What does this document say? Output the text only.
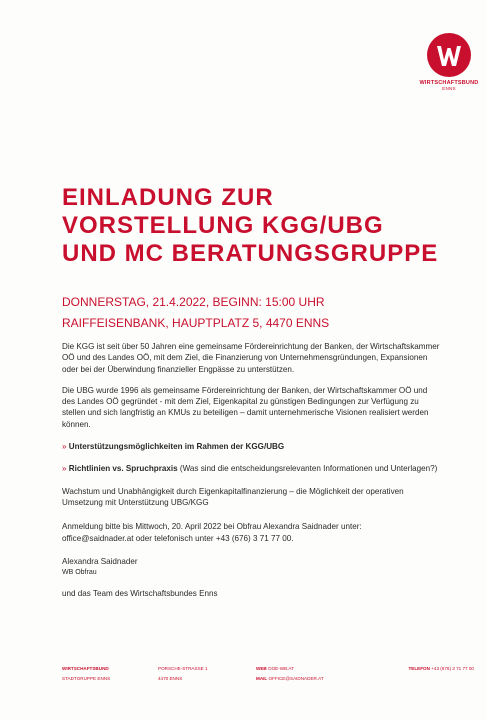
WIRTSCHAFTSBUND
ENNS
EINLADUNG ZUR
VORSTELLUNG KGG/UBG
UND MC BERATUNGSGRUPPE
DONNERSTAG, 21.4.2022, BEGINN: 15:00 UHR
RAIFFEISENBANK, HAUPTPLATZ 5, 4470 ENNS

Die KGG ist seit über 50 Jahren eine gemeinsame Fördereinrichtung der Banken, der Wirtschaftskammer OÖ und des Landes OÖ, mit dem Ziel, die Finanzierung von Unternehmensgründungen, Expansionen oder bei der Überwindung finanzieller Engpässe zu unterstützen.

Die UBG wurde 1996 als gemeinsame Fördereinrichtung der Banken, der Wirtschaftskammer OÖ und des Landes OÖ gegründet - mit dem Ziel, Eigenkapital zu günstigen Bedingungen zur Verfügung zu stellen und sich langfristig an KMUs zu beteiligen – damit unternehmerische Visionen realisiert werden können.

» Unterstützungsmöglichkeiten im Rahmen der KGG/UBG

» Richtlinien vs. Spruchpraxis (Was sind die entscheidungsrelevanten Informationen und Unterlagen?)

Wachstum und Unabhängigkeit durch Eigenkapitalfinanzierung – die Möglichkeit der operativen Umsetzung mit Unterstützung UBG/KGG

Anmeldung bitte bis Mittwoch, 20. April 2022 bei Obfrau Alexandra Saidnader unter:
office@saidnader.at oder telefonisch unter +43 (676) 3 71 77 00.

Alexandra Saidnader

WB Obfrau

und das Team des Wirtschaftsbundes Enns

WIRTSCHAFTSBUND
STADTGRUPPE ENNS
PORSCHE-STRASSE 1
4470 ENNS
WEB OOE-WB.AT
MAIL OFFICE@SAIDNADER.AT
TELEFON +43 (676) 3 71 77 00
